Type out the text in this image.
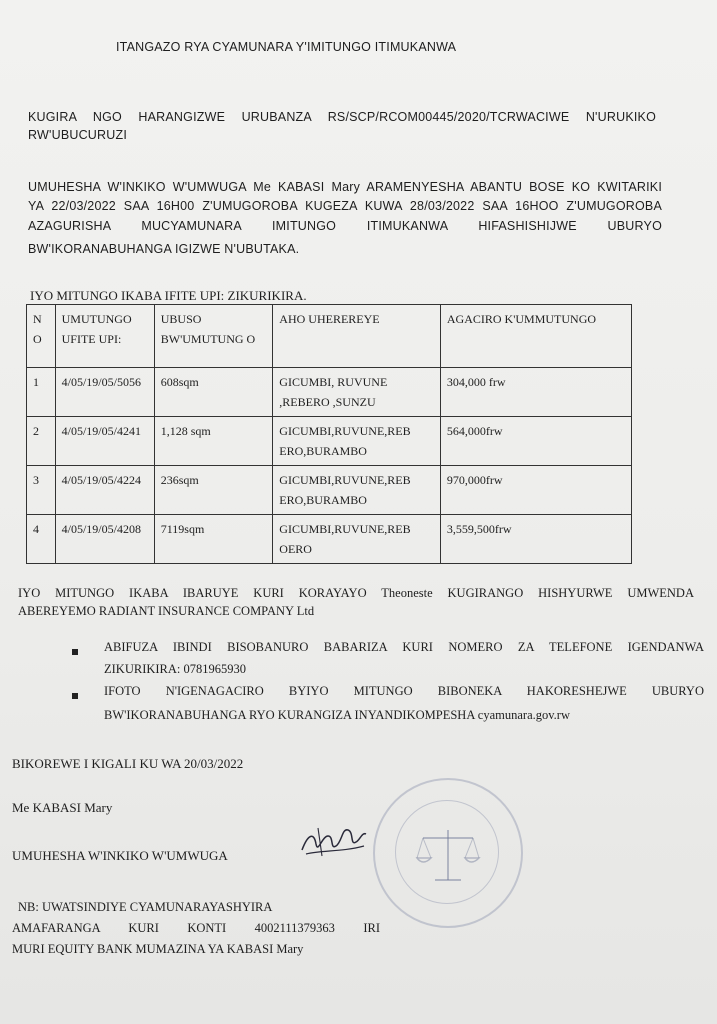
ITANGAZO RYA CYAMUNARA Y'IMITUNGO ITIMUKANWA
KUGIRA NGO HARANGIZWE URUBANZA RS/SCP/RCOM00445/2020/TCRWACIWE N'URUKIKO
RW'UBUCURUZI
UMUHESHA W'INKIKO W'UMWUGA Me KABASI Mary ARAMENYESHA ABANTU BOSE KO KWITARIKI
YA 22/03/2022 SAA 16H00 Z'UMUGOROBA KUGEZA KUWA 28/03/2022 SAA 16HOO Z'UMUGOROBA
AZAGURISHA MUCYAMUNARA IMITUNGO ITIMUKANWA HIFASHISHIJWE UBURYO
BW'IKORANABUHANGA IGIZWE N'UBUTAKA.
IYO MITUNGO IKABA IFITE UPI: ZIKURIKIRA.
N O	UMUTUNGO UFITE UPI:	UBUSO BW'UMUTUNG O	AHO UHEREREYE	AGACIRO K'UMMUTUNGO
1	4/05/19/05/5056	608sqm	GICUMBI, RUVUNE ,REBERO ,SUNZU	304,000 frw
2	4/05/19/05/4241	1,128 sqm	GICUMBI,RUVUNE,REB ERO,BURAMBO	564,000frw
3	4/05/19/05/4224	236sqm	GICUMBI,RUVUNE,REB ERO,BURAMBO	970,000frw
4	4/05/19/05/4208	7119sqm	GICUMBI,RUVUNE,REB OERO	3,559,500frw
IYO MITUNGO IKABA IBARUYE KURI KORAYAYO Theoneste KUGIRANGO HISHYURWE UMWENDA
ABEREYEMO RADIANT INSURANCE COMPANY Ltd
ABIFUZA IBINDI BISOBANURO BABARIZA KURI NOMERO ZA TELEFONE IGENDANWA
ZIKURIKIRA: 0781965930
IFOTO N'IGENAGACIRO BYIYO MITUNGO BIBONEKA HAKORESHEJWE UBURYO
BW'IKORANABUHANGA RYO KURANGIZA INYANDIKOMPESHA cyamunara.gov.rw
BIKOREWE I KIGALI KU WA 20/03/2022
Me KABASI Mary
UMUHESHA W'INKIKO W'UMWUGA
NB: UWATSINDIYE CYAMUNARAYASHYIRA
AMAFARANGA KURI KONTI 4002111379363 IRI
MURI EQUITY BANK MUMAZINA YA KABASI Mary
